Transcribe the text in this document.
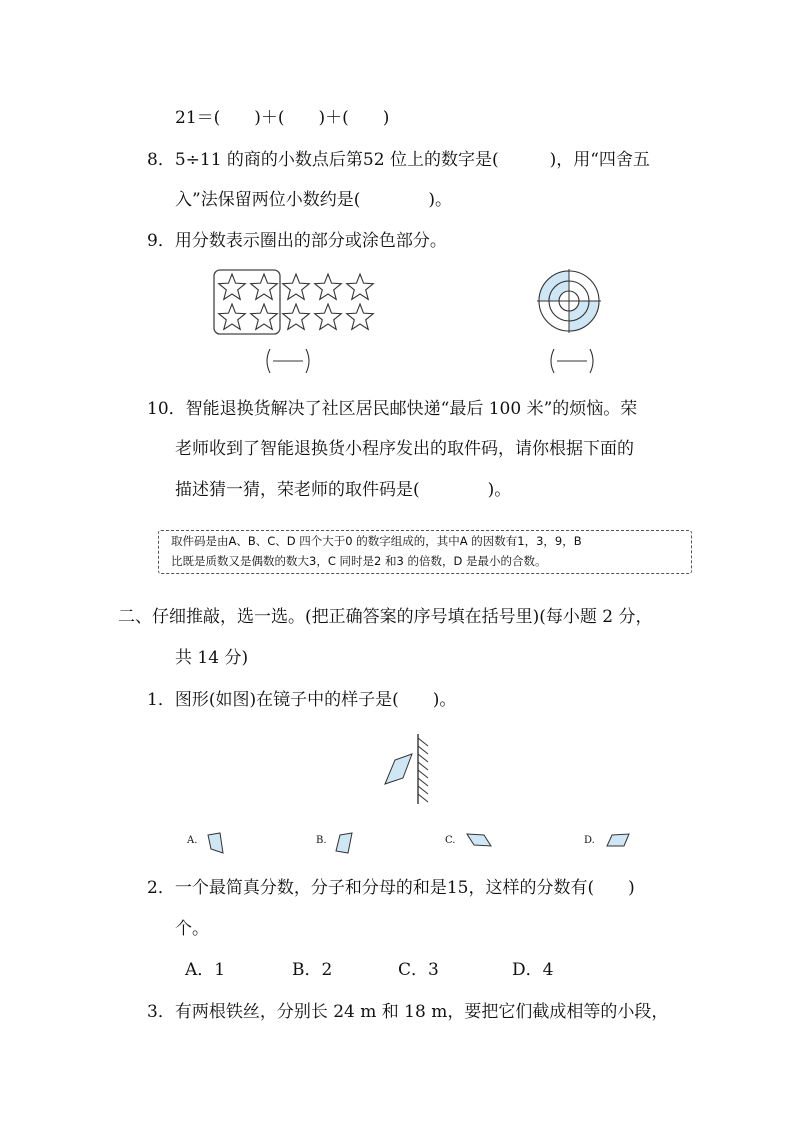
21＝(　　)＋(　　)＋(　　)
8．5÷11 的商的小数点后第52 位上的数字是(　　　)，用“四舍五
入”法保留两位小数约是(　　　　)。
9．用分数表示圈出的部分或涂色部分。
10．智能退换货解决了社区居民邮快递“最后 100 米”的烦恼。荣
老师收到了智能退换货小程序发出的取件码，请你根据下面的
描述猜一猜，荣老师的取件码是(　　　　)。
取件码是由A、B、C、D 四个大于0 的数字组成的，其中A 的因数有1，3，9，B
比既是质数又是偶数的数大3，C 同时是2 和3 的倍数，D 是最小的合数。
二、仔细推敲，选一选。(把正确答案的序号填在括号里)(每小题 2 分，
共 14 分)
1．图形(如图)在镜子中的样子是(　　)。
A.	B.	C.	D.
2．一个最简真分数，分子和分母的和是15，这样的分数有(　　)
个。
A．1	B．2	C．3	D．4
3．有两根铁丝，分别长 24 m 和 18 m，要把它们截成相等的小段，
